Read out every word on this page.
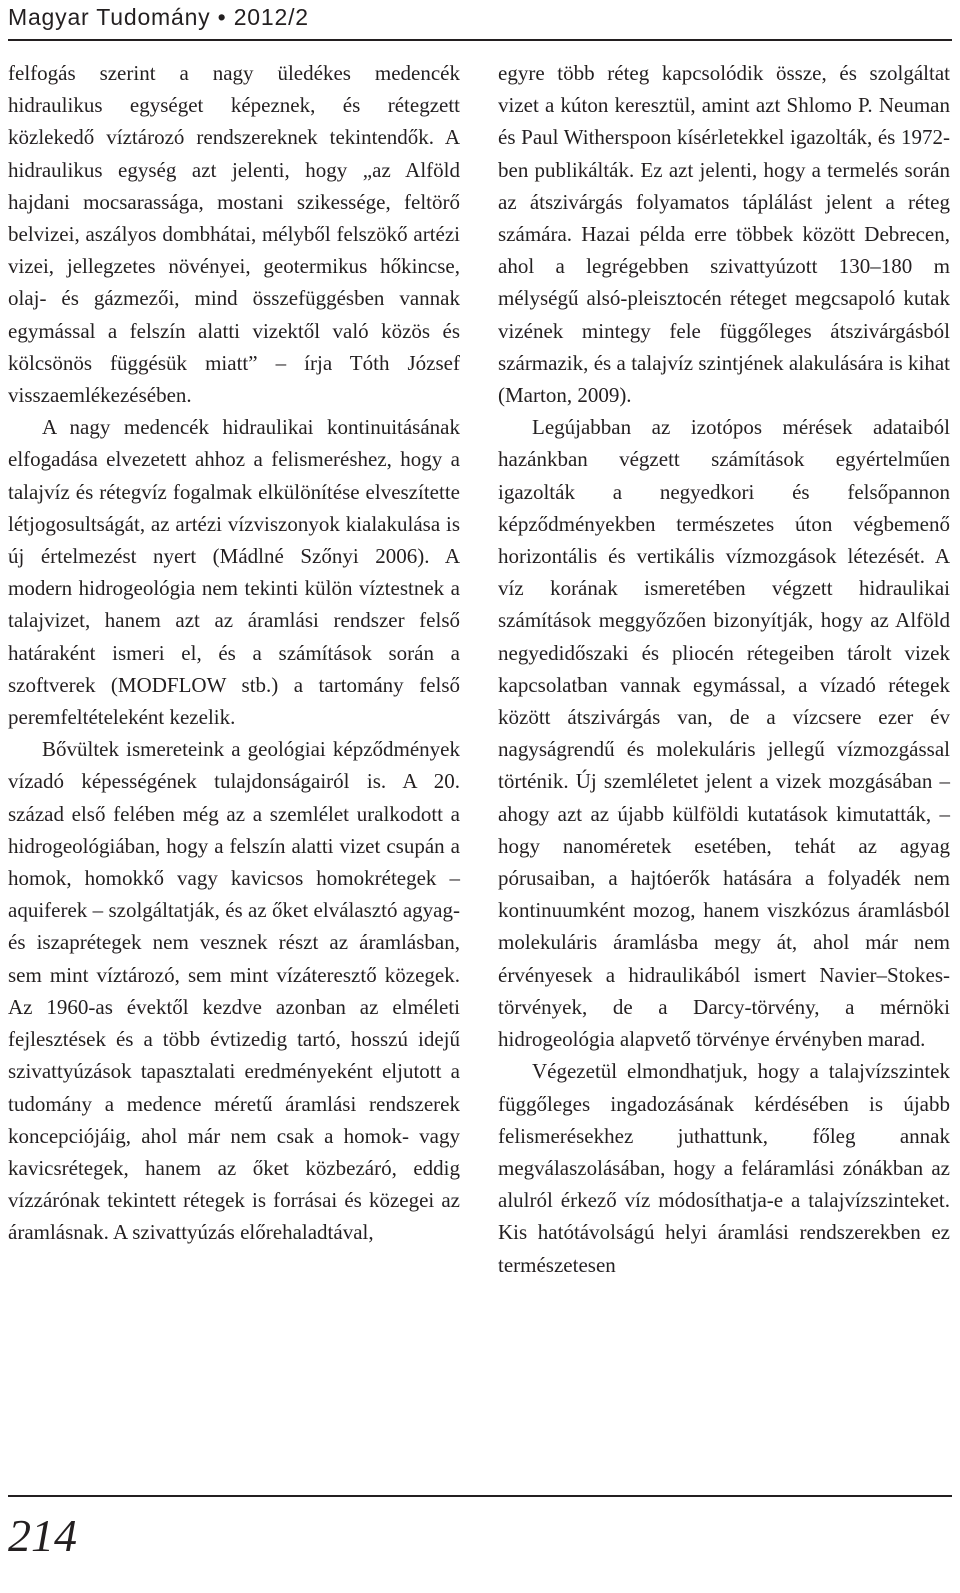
Magyar Tudomány • 2012/2

felfogás szerint a nagy üledékes medencék hidraulikus egységet képeznek, és rétegzett közlekedő víztározó rendszereknek tekintendők. A hidraulikus egység azt jelenti, hogy „az Alföld hajdani mocsarassága, mostani szikessége, feltörő belvizei, aszályos dombhátai, mélyből felszökő artézi vizei, jellegzetes növényei, geotermikus hőkincse, olaj- és gázmezői, mind összefüggésben vannak egymással a felszín alatti vizektől való közös és kölcsönös függésük miatt” – írja Tóth József visszaemlékezésében.

A nagy medencék hidraulikai kontinuitásának elfogadása elvezetett ahhoz a felismeréshez, hogy a talajvíz és rétegvíz fogalmak elkülönítése elveszítette létjogosultságát, az artézi vízviszonyok kialakulása is új értelmezést nyert (Mádlné Szőnyi 2006). A modern hidrogeológia nem tekinti külön víztestnek a talajvizet, hanem azt az áramlási rendszer felső határaként ismeri el, és a számítások során a szoftverek (MODFLOW stb.) a tartomány felső peremfeltételeként kezelik.

Bővültek ismereteink a geológiai képződmények vízadó képességének tulajdonságairól is. A 20. század első felében még az a szemlélet uralkodott a hidrogeológiában, hogy a felszín alatti vizet csupán a homok, homokkő vagy kavicsos homokrétegek – aquiferek – szolgáltatják, és az őket elválasztó agyag- és iszaprétegek nem vesznek részt az áramlásban, sem mint víztározó, sem mint vízáteresztő közegek. Az 1960-as évektől kezdve azonban az elméleti fejlesztések és a több évtizedig tartó, hosszú idejű szivattyúzások tapasztalati eredményeként eljutott a tudomány a medence méretű áramlási rendszerek koncepciójáig, ahol már nem csak a homok- vagy kavicsrétegek, hanem az őket közbezáró, eddig vízzárónak tekintett rétegek is forrásai és közegei az áramlásnak. A szivattyúzás előrehaladtával,

egyre több réteg kapcsolódik össze, és szolgáltat vizet a kúton keresztül, amint azt Shlomo P. Neuman és Paul Witherspoon kísérletekkel igazolták, és 1972-ben publikálták. Ez azt jelenti, hogy a termelés során az átszivárgás folyamatos táplálást jelent a réteg számára. Hazai példa erre többek között Debrecen, ahol a legrégebben szivattyúzott 130–180 m mélységű alsó-pleisztocén réteget megcsapoló kutak vizének mintegy fele függőleges átszivárgásból származik, és a talajvíz szintjének alakulására is kihat (Marton, 2009).

Legújabban az izotópos mérések adataiból hazánkban végzett számítások egyértelműen igazolták a negyedkori és felsőpannon képződményekben természetes úton végbemenő horizontális és vertikális vízmozgások létezését. A víz korának ismeretében végzett hidraulikai számítások meggyőzően bizonyítják, hogy az Alföld negyedidőszaki és pliocén rétegeiben tárolt vizek kapcsolatban vannak egymással, a vízadó rétegek között átszivárgás van, de a vízcsere ezer év nagyságrendű és molekuláris jellegű vízmozgással történik. Új szemléletet jelent a vizek mozgásában – ahogy azt az újabb külföldi kutatások kimutatták, – hogy nanoméretek esetében, tehát az agyag pórusaiban, a hajtóerők hatására a folyadék nem kontinuumként mozog, hanem viszkózus áramlásból molekuláris áramlásba megy át, ahol már nem érvényesek a hidraulikából ismert Navier–Stokes-törvények, de a Darcy-törvény, a mérnöki hidrogeológia alapvető törvénye érvényben marad.

Végezetül elmondhatjuk, hogy a talajvízszintek függőleges ingadozásának kérdésében is újabb felismerésekhez juthattunk, főleg annak megválaszolásában, hogy a feláramlási zónákban az alulról érkező víz módosíthatja-e a talajvízszinteket. Kis hatótávolságú helyi áramlási rendszerekben ez természetesen

214
